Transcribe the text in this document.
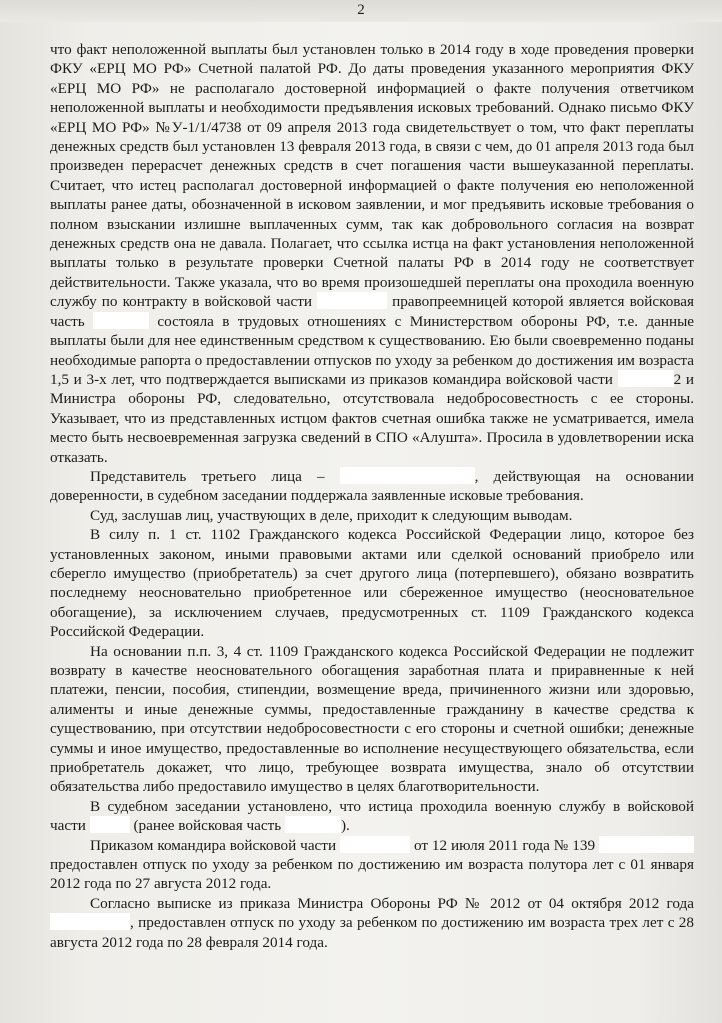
2

что факт неположенной выплаты был установлен только в 2014 году в ходе проведения проверки ФКУ «ЕРЦ МО РФ» Счетной палатой РФ. До даты проведения указанного мероприятия ФКУ «ЕРЦ МО РФ» не располагало достоверной информацией о факте получения ответчиком неположенной выплаты и необходимости предъявления исковых требований. Однако письмо ФКУ «ЕРЦ МО РФ» №У-1/1/4738 от 09 апреля 2013 года свидетельствует о том, что факт переплаты денежных средств был установлен 13 февраля 2013 года, в связи с чем, до 01 апреля 2013 года был произведен перерасчет денежных средств в счет погашения части вышеуказанной переплаты. Считает, что истец располагал достоверной информацией о факте получения ею неположенной выплаты ранее даты, обозначенной в исковом заявлении, и мог предъявить исковые требования о полном взыскании излишне выплаченных сумм, так как добровольного согласия на возврат денежных средств она не давала. Полагает, что ссылка истца на факт установления неположенной выплаты только в результате проверки Счетной палаты РФ в 2014 году не соответствует действительности. Также указала, что во время произошедшей переплаты она проходила военную службу по контракту в войсковой части	правопреемницей которой является войсковая часть	состояла в трудовых отношениях с Министерством обороны РФ, т.е. данные выплаты были для нее единственным средством к существованию. Ею были своевременно поданы необходимые рапорта о предоставлении отпусков по уходу за ребенком до достижения им возраста 1,5 и 3-х лет, что подтверждается выписками из приказов командира войсковой части	2 и Министра обороны РФ, следовательно, отсутствовала недобросовестность с ее стороны. Указывает, что из представленных истцом фактов счетная ошибка также не усматривается, имела место быть несвоевременная загрузка сведений в СПО «Алушта». Просила в удовлетворении иска отказать.

Представитель третьего лица –	, действующая на основании доверенности, в судебном заседании поддержала заявленные исковые требования.

Суд, заслушав лиц, участвующих в деле, приходит к следующим выводам.

В силу п. 1 ст. 1102 Гражданского кодекса Российской Федерации лицо, которое без установленных законом, иными правовыми актами или сделкой оснований приобрело или сберегло имущество (приобретатель) за счет другого лица (потерпевшего), обязано возвратить последнему неосновательно приобретенное или сбереженное имущество (неосновательное обогащение), за исключением случаев, предусмотренных ст. 1109 Гражданского кодекса Российской Федерации.

На основании п.п. 3, 4 ст. 1109 Гражданского кодекса Российской Федерации не подлежит возврату в качестве неосновательного обогащения заработная плата и приравненные к ней платежи, пенсии, пособия, стипендии, возмещение вреда, причиненного жизни или здоровью, алименты и иные денежные суммы, предоставленные гражданину в качестве средства к существованию, при отсутствии недобросовестности с его стороны и счетной ошибки; денежные суммы и иное имущество, предоставленные во исполнение несуществующего обязательства, если приобретатель докажет, что лицо, требующее возврата имущества, знало об отсутствии обязательства либо предоставило имущество в целях благотворительности.

В судебном заседании установлено, что истица проходила военную службу в войсковой части	(ранее войсковая часть	).

Приказом командира войсковой части	от 12 июля 2011 года № 139  предоставлен отпуск по уходу за ребенком по достижению им возраста полутора лет с 01 января 2012 года по 27 августа 2012 года.

Согласно выписке из приказа Министра Обороны РФ № 2012 от 04 октября 2012 года , предоставлен отпуск по уходу за ребенком по достижению им возраста трех лет с 28 августа 2012 года по 28 февраля 2014 года.
